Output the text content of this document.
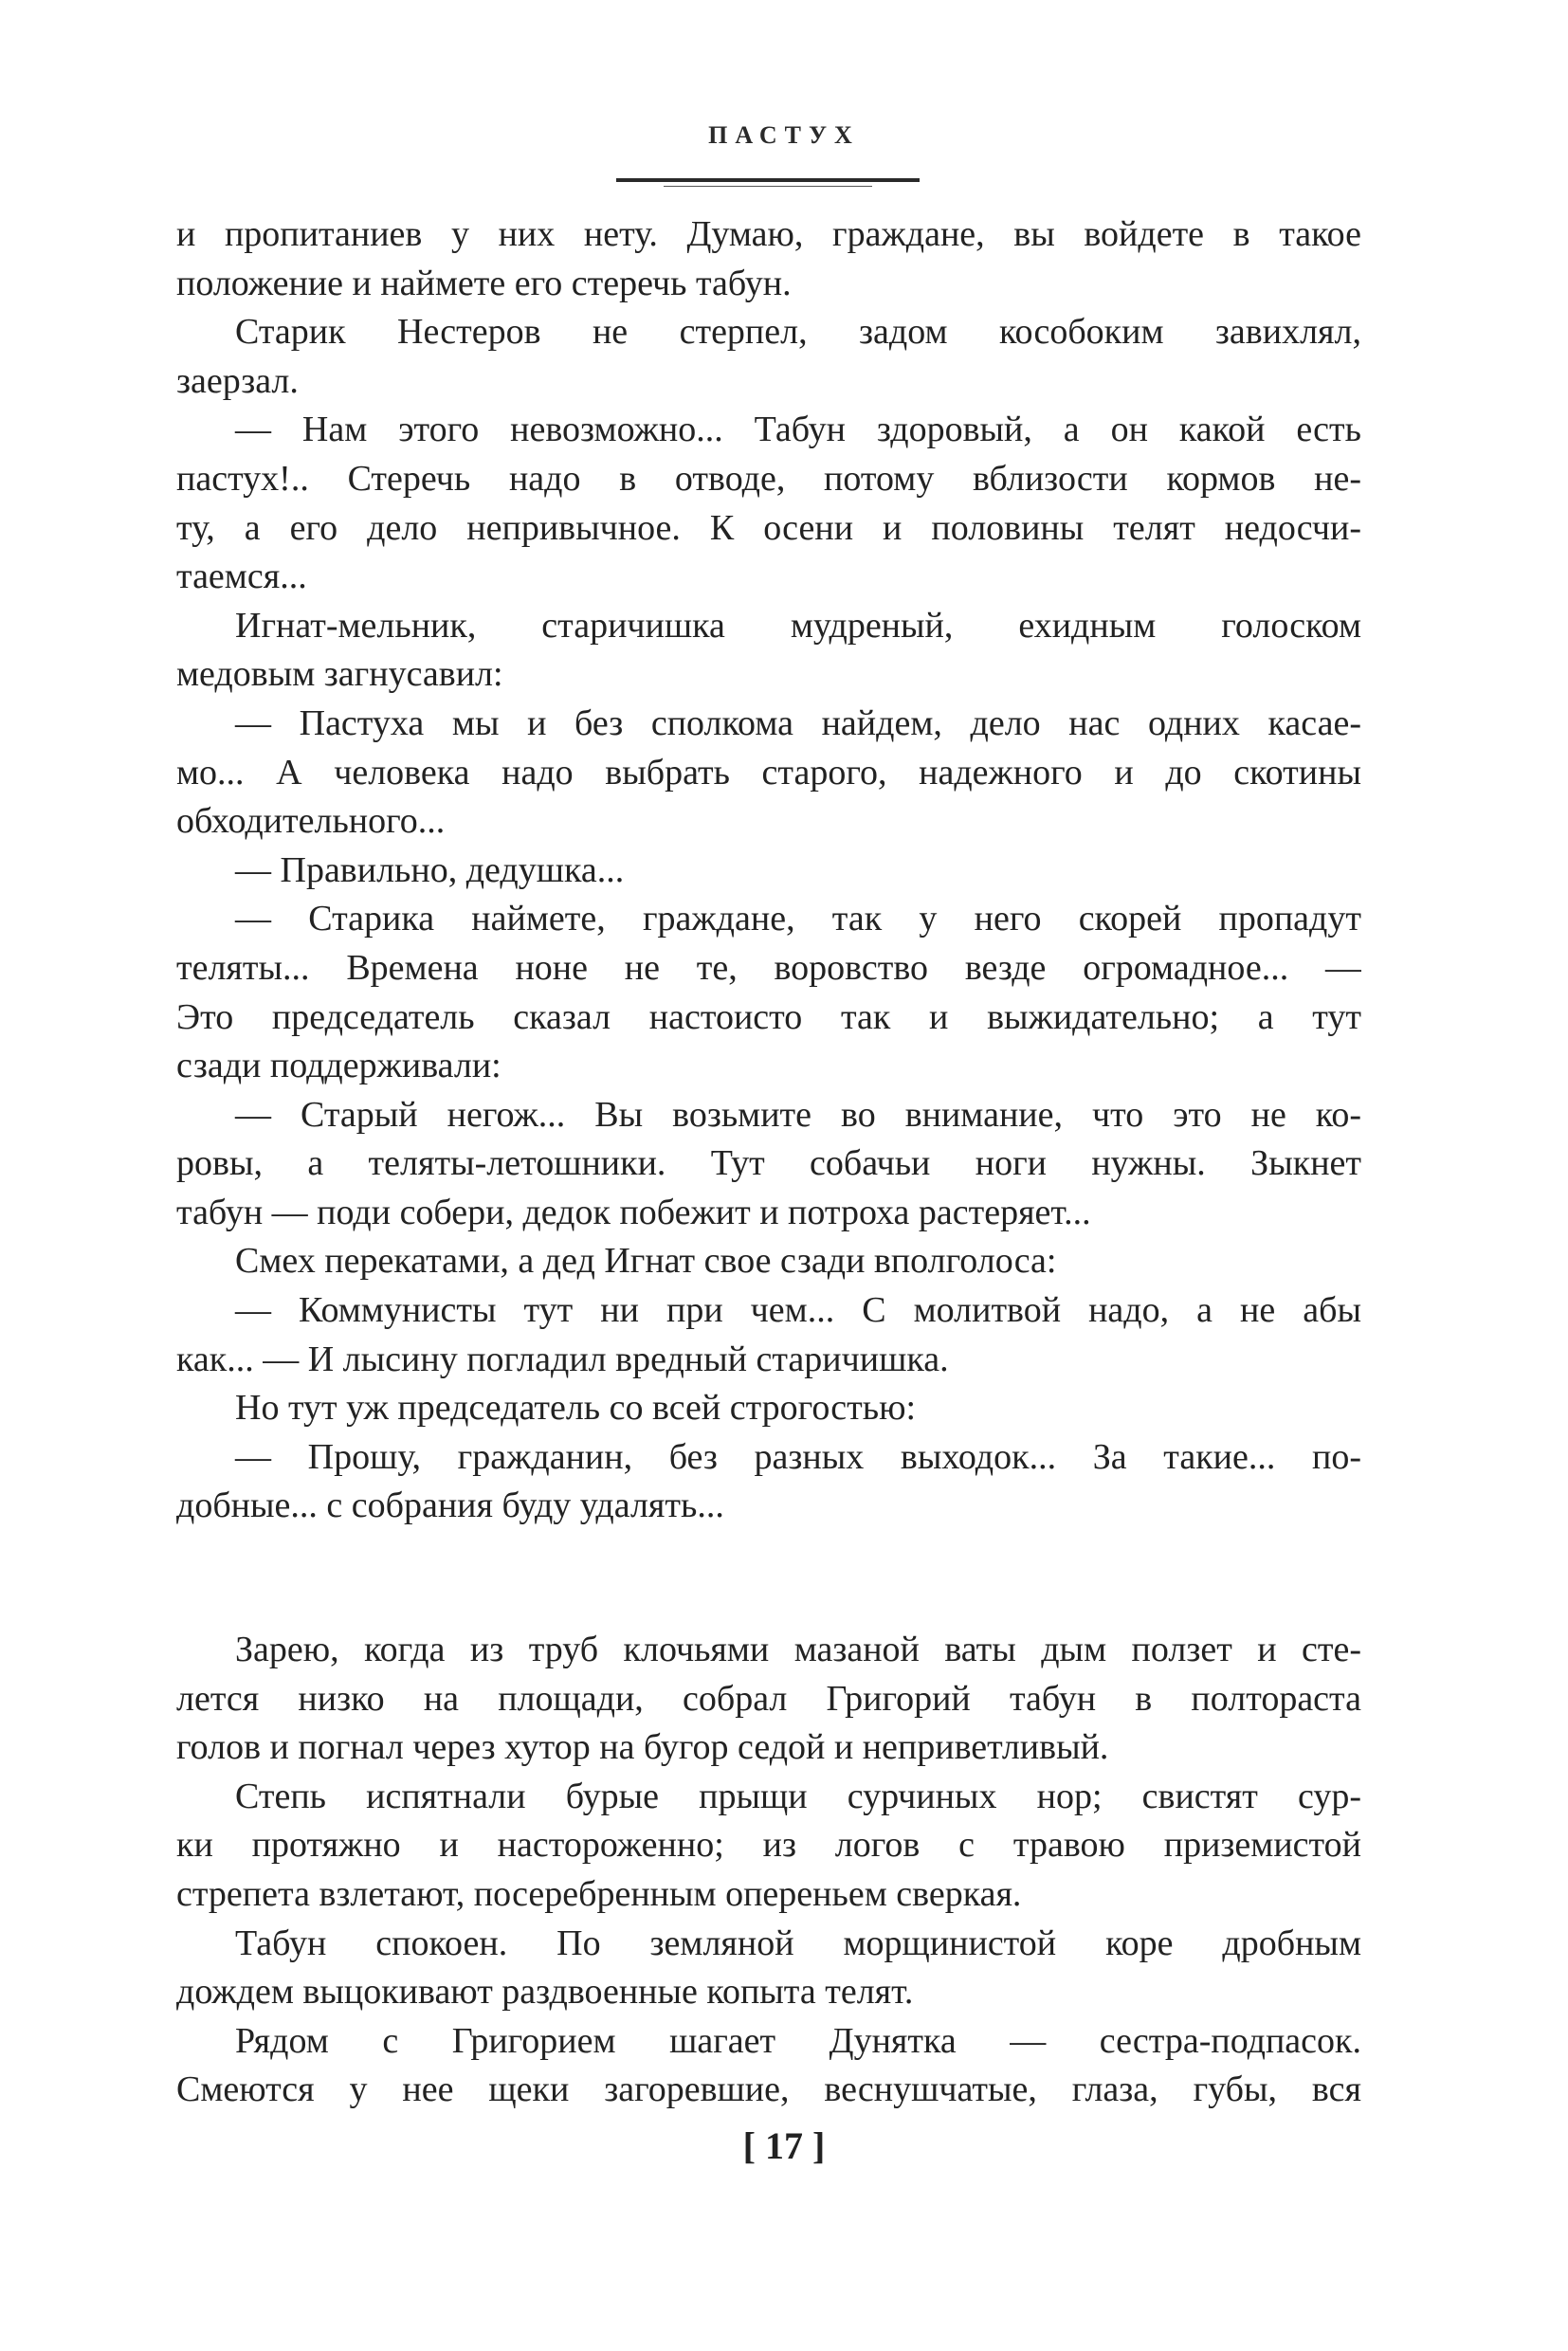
ПАСТУХ
и пропитаниев у них нету. Думаю, граждане, вы войдете в такое
положение и наймете его стеречь табун.
Старик Нестеров не стерпел, задом кособоким завихлял,
заерзал.
— Нам этого невозможно... Табун здоровый, а он какой есть
пастух!.. Стеречь надо в отводе, потому вблизости кормов не-
ту, а его дело непривычное. К осени и половины телят недосчи-
таемся...
Игнат-мельник, старичишка мудреный, ехидным голоском
медовым загнусавил:
— Пастуха мы и без сполкома найдем, дело нас одних касае-
мо... А человека надо выбрать старого, надежного и до скотины
обходительного...
— Правильно, дедушка...
— Старика наймете, граждане, так у него скорей пропадут
теляты... Времена ноне не те, воровство везде огромадное... —
Это председатель сказал настоисто так и выжидательно; а тут
сзади поддерживали:
— Старый негож... Вы возьмите во внимание, что это не ко-
ровы, а теляты-летошники. Тут собачьи ноги нужны. Зыкнет
табун — поди собери, дедок побежит и потроха растеряет...
Смех перекатами, а дед Игнат свое сзади вполголоса:
— Коммунисты тут ни при чем... С молитвой надо, а не абы
как... — И лысину погладил вредный старичишка.
Но тут уж председатель со всей строгостью:
— Прошу, гражданин, без разных выходок... За такие... по-
добные... с собрания буду удалять...
Зарею, когда из труб клочьями мазаной ваты дым ползет и сте-
лется низко на площади, собрал Григорий табун в полтораста
голов и погнал через хутор на бугор седой и неприветливый.
Степь испятнали бурые прыщи сурчиных нор; свистят сур-
ки протяжно и настороженно; из логов с травою приземистой
стрепета взлетают, посеребренным опереньем сверкая.
Табун спокоен. По земляной морщинистой коре дробным
дождем выцокивают раздвоенные копыта телят.
Рядом с Григорием шагает Дунятка — сестра-подпасок.
Смеются у нее щеки загоревшие, веснушчатые, глаза, губы, вся
[ 17 ]
